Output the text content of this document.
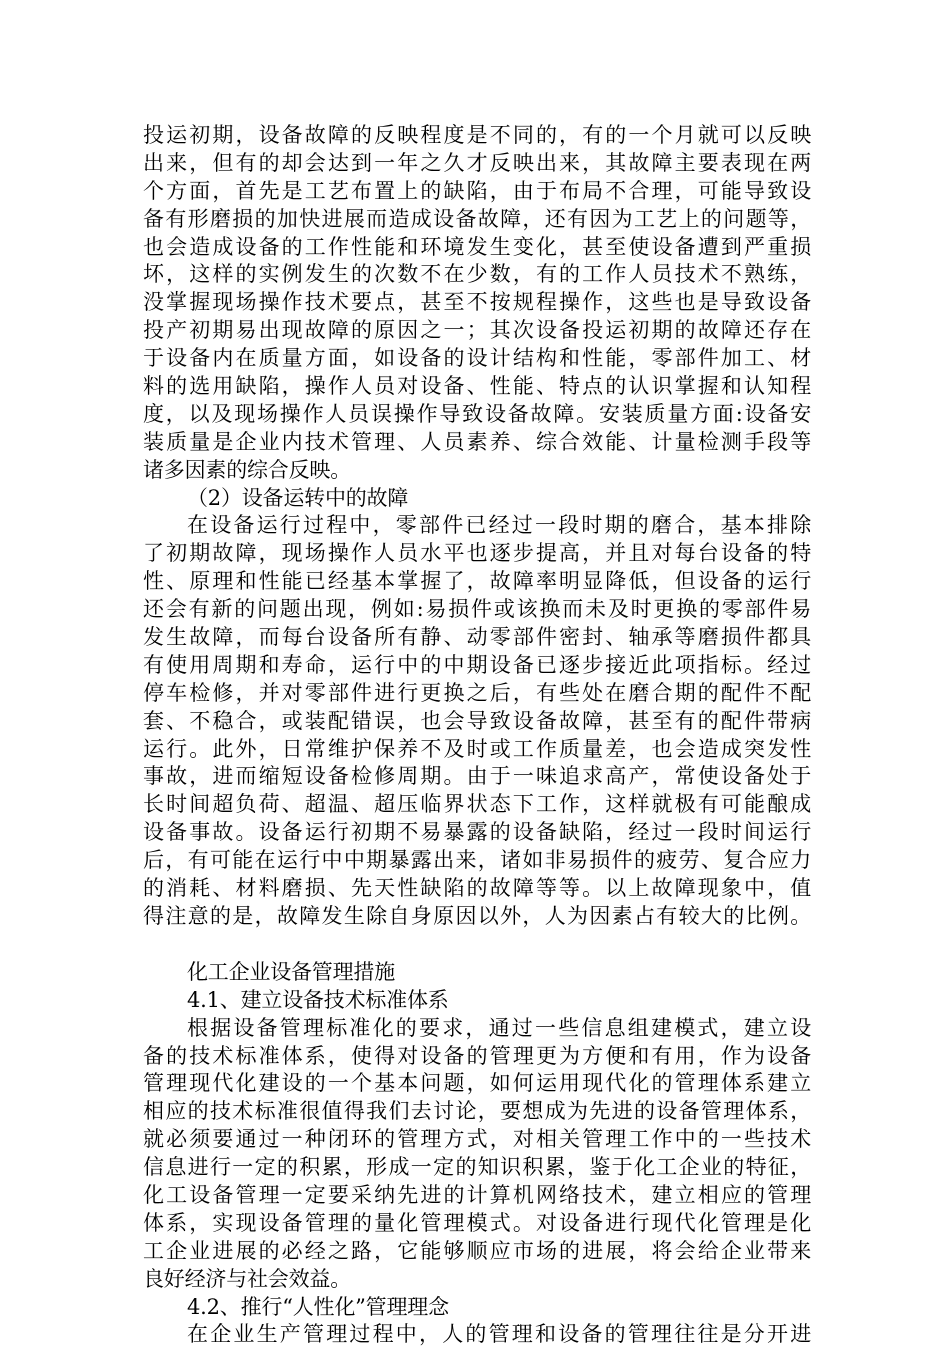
投运初期，设备故障的反映程度是不同的，有的一个月就可以反映
出来，但有的却会达到一年之久才反映出来，其故障主要表现在两
个方面，首先是工艺布置上的缺陷，由于布局不合理，可能导致设
备有形磨损的加快进展而造成设备故障，还有因为工艺上的问题等，
也会造成设备的工作性能和环境发生变化，甚至使设备遭到严重损
坏，这样的实例发生的次数不在少数，有的工作人员技术不熟练，
没掌握现场操作技术要点，甚至不按规程操作，这些也是导致设备
投产初期易出现故障的原因之一；其次设备投运初期的故障还存在
于设备内在质量方面，如设备的设计结构和性能，零部件加工、材
料的选用缺陷，操作人员对设备、性能、特点的认识掌握和认知程
度，以及现场操作人员误操作导致设备故障。安装质量方面:设备安
装质量是企业内技术管理、人员素养、综合效能、计量检测手段等
诸多因素的综合反映。
（2）设备运转中的故障
在设备运行过程中，零部件已经过一段时期的磨合，基本排除
了初期故障，现场操作人员水平也逐步提高，并且对每台设备的特
性、原理和性能已经基本掌握了，故障率明显降低，但设备的运行
还会有新的问题出现，例如:易损件或该换而未及时更换的零部件易
发生故障，而每台设备所有静、动零部件密封、轴承等磨损件都具
有使用周期和寿命，运行中的中期设备已逐步接近此项指标。经过
停车检修，并对零部件进行更换之后，有些处在磨合期的配件不配
套、不稳合，或装配错误，也会导致设备故障，甚至有的配件带病
运行。此外，日常维护保养不及时或工作质量差，也会造成突发性
事故，进而缩短设备检修周期。由于一味追求高产，常使设备处于
长时间超负荷、超温、超压临界状态下工作，这样就极有可能酿成
设备事故。设备运行初期不易暴露的设备缺陷，经过一段时间运行
后，有可能在运行中中期暴露出来，诸如非易损件的疲劳、复合应力
的消耗、材料磨损、先天性缺陷的故障等等。以上故障现象中，值
得注意的是，故障发生除自身原因以外，人为因素占有较大的比例。
化工企业设备管理措施
4.1、建立设备技术标准体系
根据设备管理标准化的要求，通过一些信息组建模式，建立设
备的技术标准体系，使得对设备的管理更为方便和有用，作为设备
管理现代化建设的一个基本问题，如何运用现代化的管理体系建立
相应的技术标准很值得我们去讨论，要想成为先进的设备管理体系，
就必须要通过一种闭环的管理方式，对相关管理工作中的一些技术
信息进行一定的积累，形成一定的知识积累，鉴于化工企业的特征，
化工设备管理一定要采纳先进的计算机网络技术，建立相应的管理
体系，实现设备管理的量化管理模式。对设备进行现代化管理是化
工企业进展的必经之路，它能够顺应市场的进展，将会给企业带来
良好经济与社会效益。
4.2、推行“人性化”管理理念
在企业生产管理过程中，人的管理和设备的管理往往是分开进
